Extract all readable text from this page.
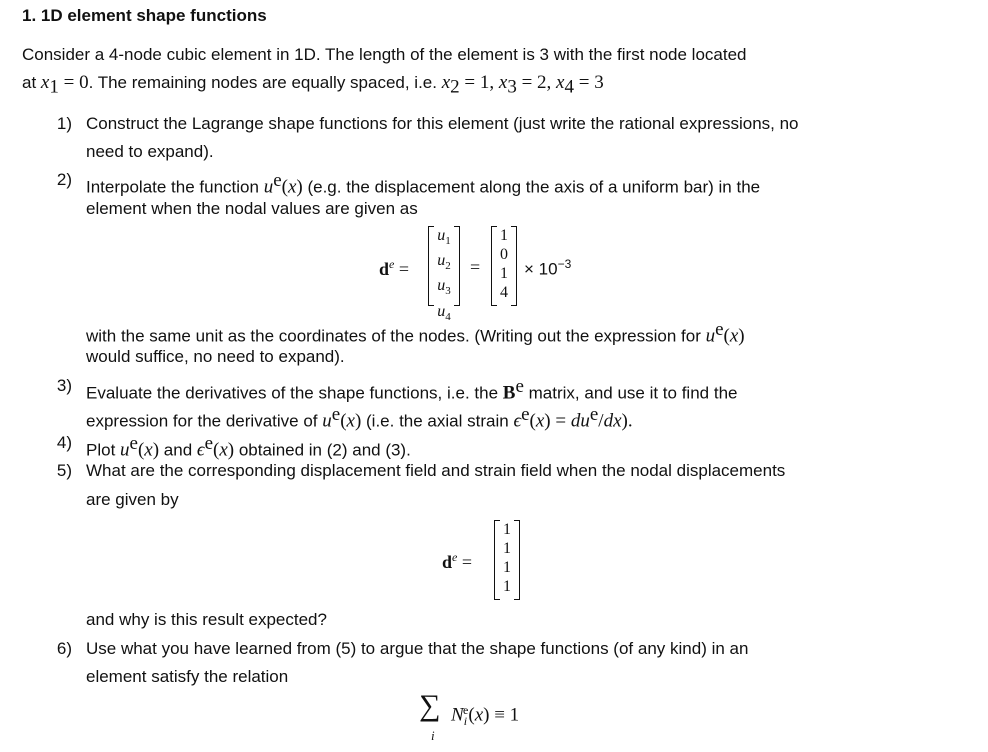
1. 1D element shape functions
Consider a 4-node cubic element in 1D. The length of the element is 3 with the first node located
at $x_1 = 0$. The remaining nodes are equally spaced, i.e. $x_2 = 1$, $x_3 = 2$, $x_4 = 3$
1) Construct the Lagrange shape functions for this element (just write the rational expressions, no
need to expand).
2) Interpolate the function $u^e(x)$ (e.g. the displacement along the axis of a uniform bar) in the
element when the nodal values are given as
$d^e$ =
$u_1$
$u_2$
$u_3$
$u_4$
=
1
0
1
4
× $10^{-3}$
with the same unit as the coordinates of the nodes. (Writing out the expression for $u^e(x)$
would suffice, no need to expand).
3) Evaluate the derivatives of the shape functions, i.e. the $B^e$ matrix, and use it to find the
expression for the derivative of $u^e(x)$ (i.e. the axial strain $\epsilon^e(x) = du^e/dx$).
4) Plot $u^e(x)$ and $\epsilon^e(x)$ obtained in (2) and (3).
5) What are the corresponding displacement field and strain field when the nodal displacements
are given by
$d^e$ =
1
1
1
1
and why is this result expected?
6) Use what you have learned from (5) to argue that the shape functions (of any kind) in an
element satisfy the relation
∑
i
$N_i^e(x) \equiv 1$
